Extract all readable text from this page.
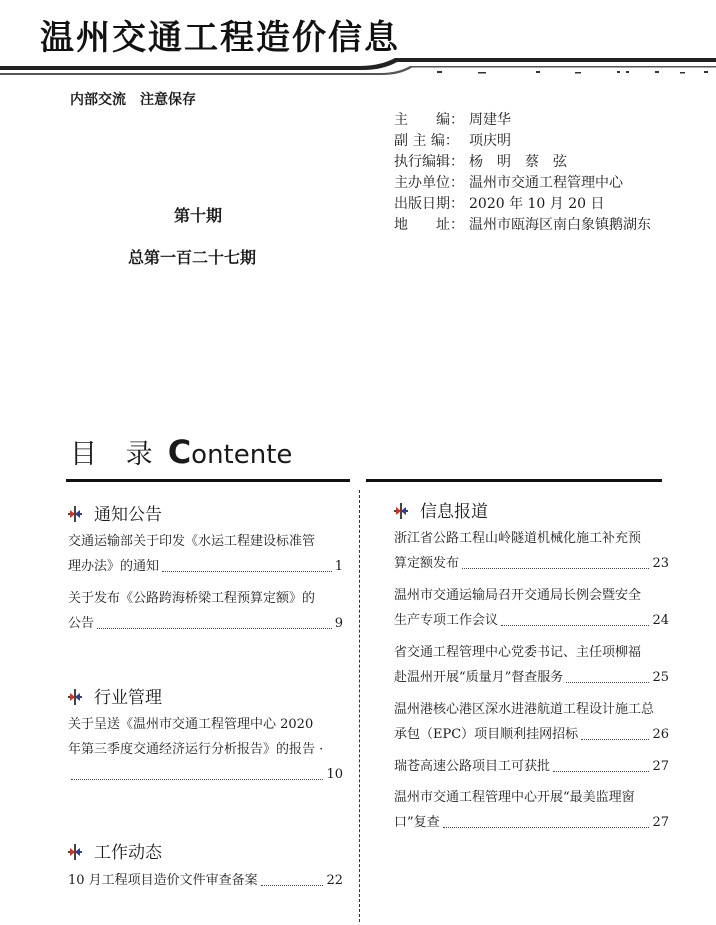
温州交通工程造价信息
内部交流 注意保存
主　　编： 周建华
副 主 编： 项庆明
执行编辑： 杨　明　蔡　弦
主办单位： 温州市交通工程管理中心
出版日期： 2020 年 10 月 20 日
地　　址： 温州市瓯海区南白象镇鹅湖东
第十期
总第一百二十七期
目 录 Contente
通知公告
交通运输部关于印发《水运工程建设标准管
理办法》的通知	1
关于发布《公路跨海桥梁工程预算定额》的
公告	9
行业管理
关于呈送《温州市交通工程管理中心 2020
年第三季度交通经济运行分析报告》的报告 ·
10
工作动态
10 月工程项目造价文件审查备案	22
信息报道
浙江省公路工程山岭隧道机械化施工补充预
算定额发布	23
温州市交通运输局召开交通局长例会暨安全
生产专项工作会议	24
省交通工程管理中心党委书记、主任项柳福
赴温州开展“质量月”督查服务	25
温州港核心港区深水进港航道工程设计施工总
承包（EPC）项目顺利挂网招标	26
瑞苍高速公路项目工可获批	27
温州市交通工程管理中心开展“最美监理窗
口”复查	27
